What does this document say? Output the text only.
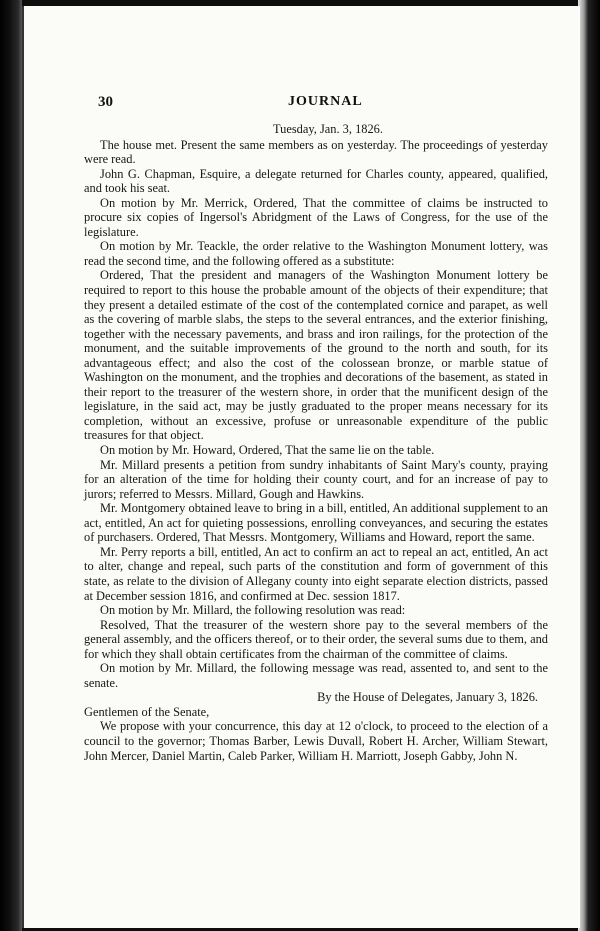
30	JOURNAL

Tuesday, Jan. 3, 1826.

The house met. Present the same members as on yesterday. The proceedings of yesterday were read.

John G. Chapman, Esquire, a delegate returned for Charles county, appeared, qualified, and took his seat.

On motion by Mr. Merrick, Ordered, That the committee of claims be instructed to procure six copies of Ingersol's Abridgment of the Laws of Congress, for the use of the legislature.

On motion by Mr. Teackle, the order relative to the Washington Monument lottery, was read the second time, and the following offered as a substitute:

Ordered, That the president and managers of the Washington Monument lottery be required to report to this house the probable amount of the objects of their expenditure; that they present a detailed estimate of the cost of the contemplated cornice and parapet, as well as the covering of marble slabs, the steps to the several entrances, and the exterior finishing, together with the necessary pavements, and brass and iron railings, for the protection of the monument, and the suitable improvements of the ground to the north and south, for its advantageous effect; and also the cost of the colossean bronze, or marble statue of Washington on the monument, and the trophies and decorations of the basement, as stated in their report to the treasurer of the western shore, in order that the munificent design of the legislature, in the said act, may be justly graduated to the proper means necessary for its completion, without an excessive, profuse or unreasonable expenditure of the public treasures for that object.

On motion by Mr. Howard, Ordered, That the same lie on the table.

Mr. Millard presents a petition from sundry inhabitants of Saint Mary's county, praying for an alteration of the time for holding their county court, and for an increase of pay to jurors; referred to Messrs. Millard, Gough and Hawkins.

Mr. Montgomery obtained leave to bring in a bill, entitled, An additional supplement to an act, entitled, An act for quieting possessions, enrolling conveyances, and securing the estates of purchasers. Ordered, That Messrs. Montgomery, Williams and Howard, report the same.

Mr. Perry reports a bill, entitled, An act to confirm an act to repeal an act, entitled, An act to alter, change and repeal, such parts of the constitution and form of government of this state, as relate to the division of Allegany county into eight separate election districts, passed at December session 1816, and confirmed at Dec. session 1817.

On motion by Mr. Millard, the following resolution was read:

Resolved, That the treasurer of the western shore pay to the several members of the general assembly, and the officers thereof, or to their order, the several sums due to them, and for which they shall obtain certificates from the chairman of the committee of claims.

On motion by Mr. Millard, the following message was read, assented to, and sent to the senate.

By the House of Delegates, January 3, 1826.

Gentlemen of the Senate,

We propose with your concurrence, this day at 12 o'clock, to proceed to the election of a council to the governor; Thomas Barber, Lewis Duvall, Robert H. Archer, William Stewart, John Mercer, Daniel Martin, Caleb Parker, William H. Marriott, Joseph Gabby, John N.
